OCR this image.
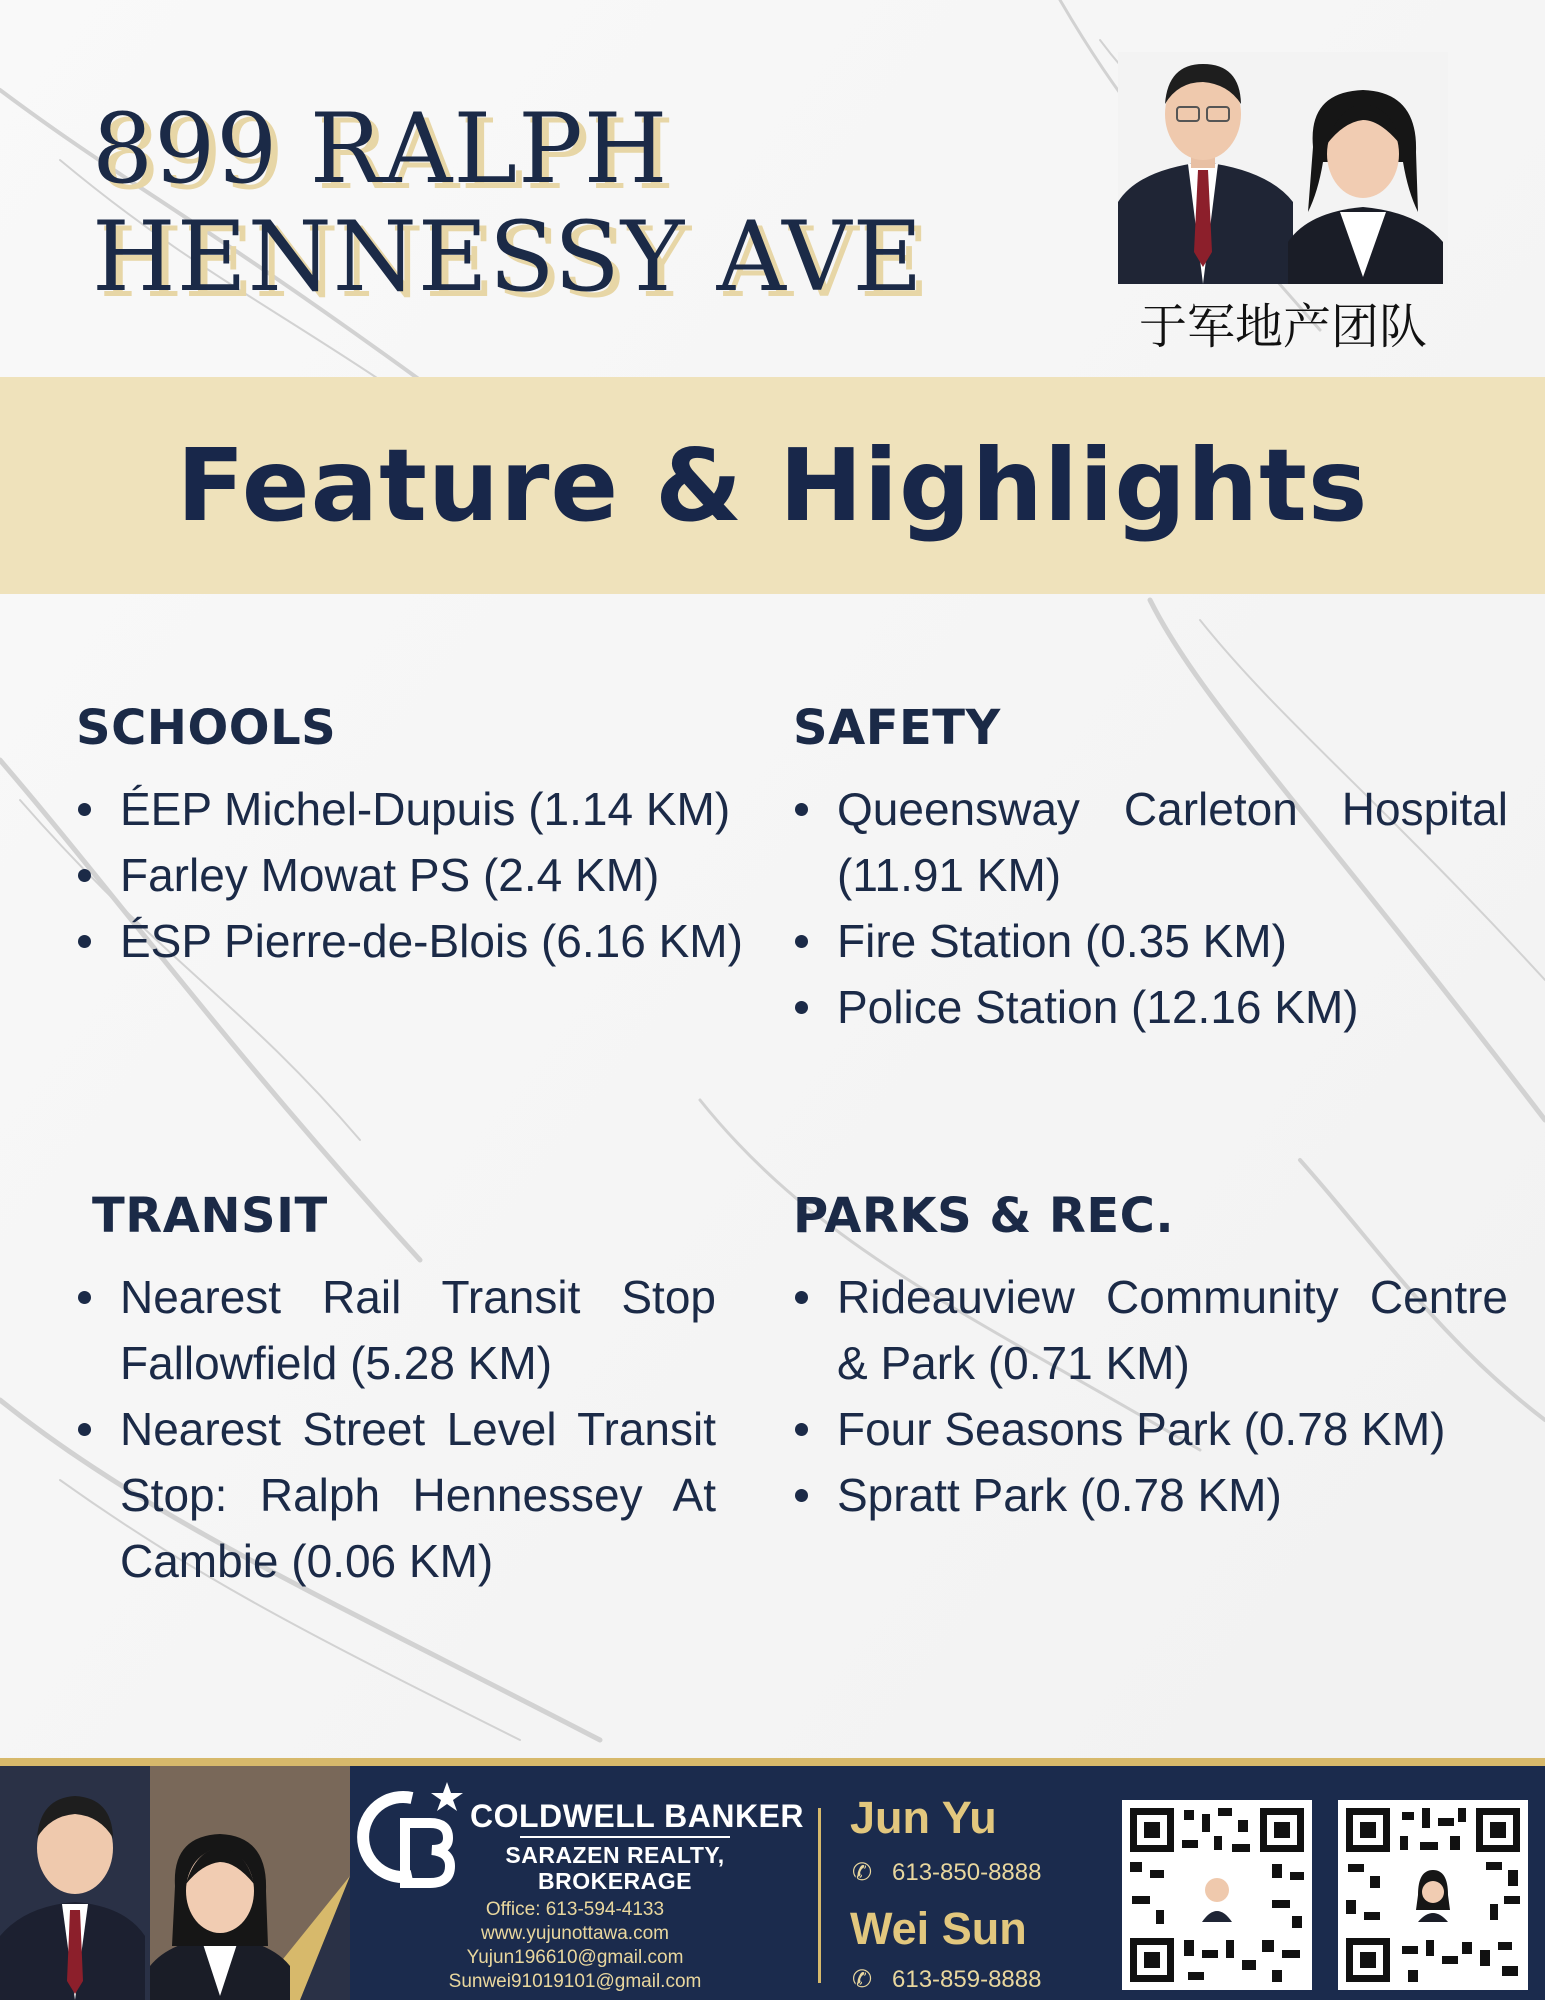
899 RALPH
HENNESSY AVE
于军地产团队
Feature & Highlights
SCHOOLS
ÉEP Michel-Dupuis (1.14 KM)
Farley Mowat PS (2.4 KM)
ÉSP Pierre-de-Blois (6.16 KM)
SAFETY
Queensway Carleton Hospital (11.91 KM)
Fire Station (0.35 KM)
Police Station (12.16 KM)
TRANSIT
Nearest Rail Transit Stop Fallowfield (5.28 KM)
Nearest Street Level Transit Stop: Ralph Hennessey At Cambie (0.06 KM)
PARKS & REC.
Rideauview Community Centre & Park (0.71 KM)
Four Seasons Park (0.78 KM)
Spratt Park (0.78 KM)
COLDWELL BANKER
SARAZEN REALTY,
BROKERAGE
Office: 613-594-4133
www.yujunottawa.com
Yujun196610@gmail.com
Sunwei91019101@gmail.com
Jun Yu
✆ 613-850-8888
Wei Sun
✆ 613-859-8888
